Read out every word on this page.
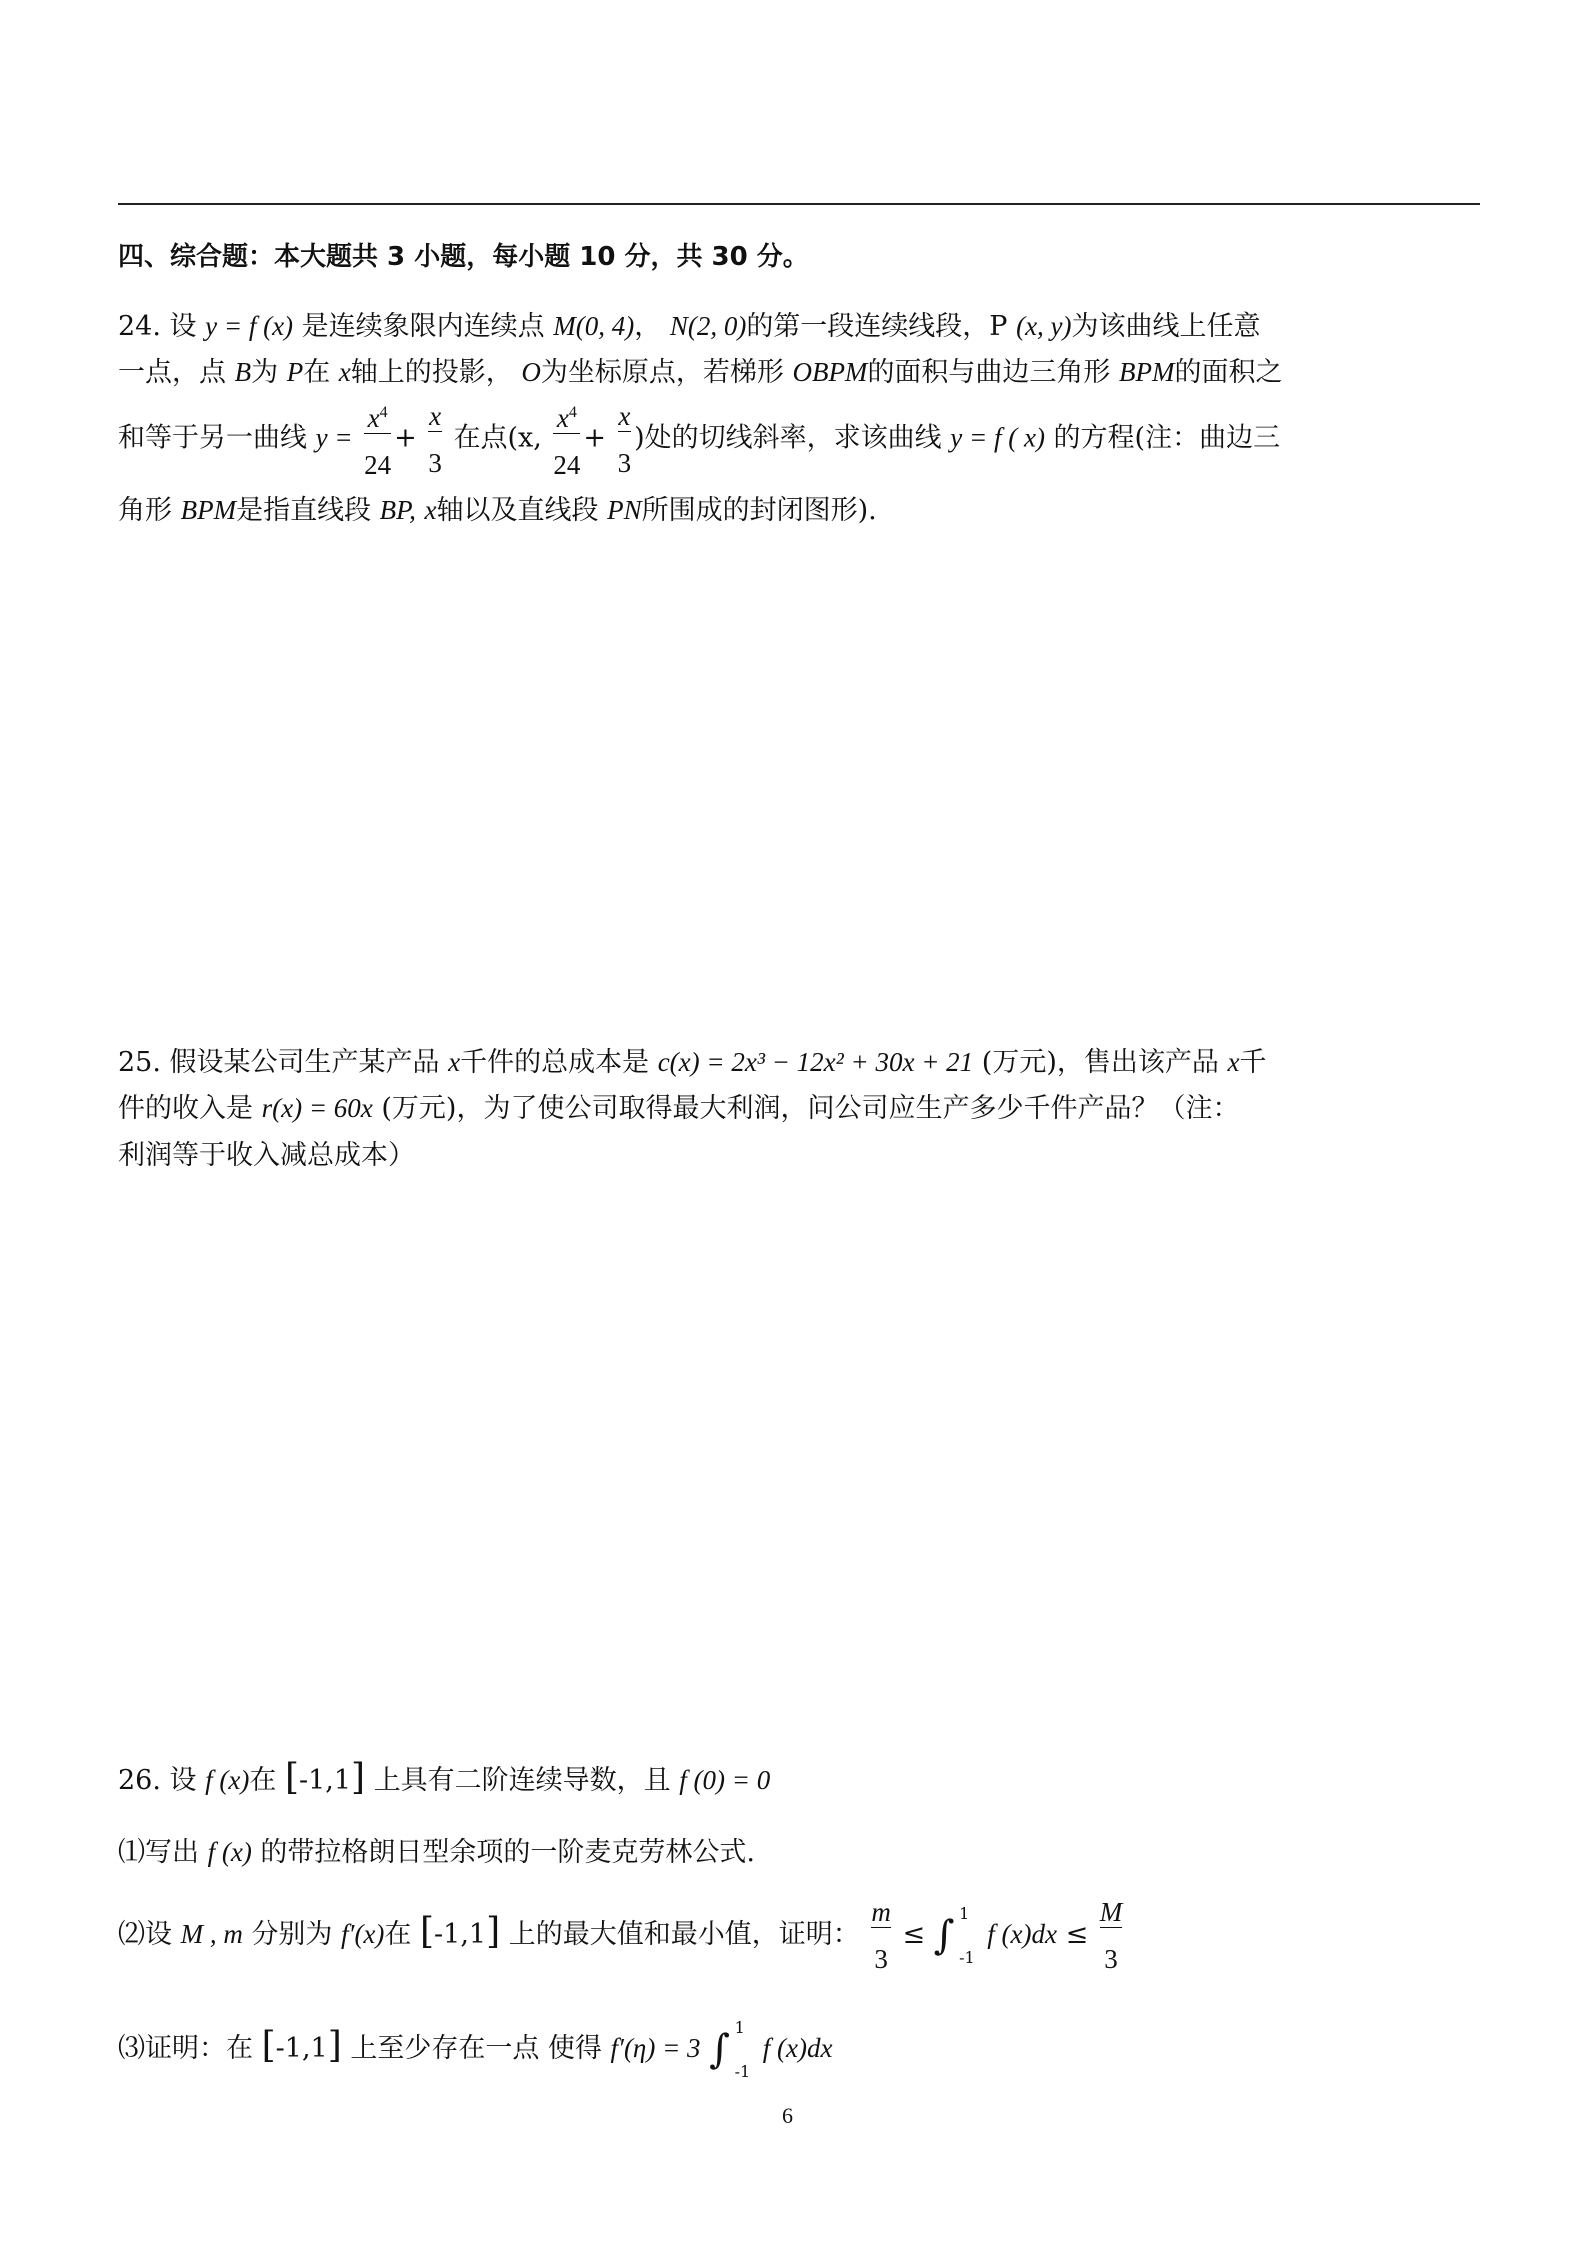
四、综合题：本大题共 3 小题，每小题 10 分，共 30 分。
24. 设 y = f (x) 是连续象限内连续点 M(0, 4)， N(2, 0)的第一段连续线段，P (x, y)为该曲线上任意
一点，点 B为 P在 x轴上的投影， O为坐标原点，若梯形 OBPM的面积与曲边三角形 BPM的面积之
和等于另一曲线 $y = \frac{x^4}{24} + \frac{x}{3}$ 在点(x, $\frac{x^4}{24} + \frac{x}{3}$ )处的切线斜率，求该曲线 y = f ( x) 的方程(注：曲边三
角形 BPM是指直线段 BP, x轴以及直线段 PN所围成的封闭图形).
25. 假设某公司生产某产品 x千件的总成本是 c(x) = 2x³ − 12x² + 30x + 21 (万元)，售出该产品 x千
件的收入是 r(x) = 60x (万元)，为了使公司取得最大利润，问公司应生产多少千件产品？（注：
利润等于收入减总成本）
26. 设 f (x)在 [-1,1] 上具有二阶连续导数，且 f (0) = 0
⑴写出 f (x) 的带拉格朗日型余项的一阶麦克劳林公式.
⑵设 M , m 分别为 f′(x)在 [-1,1] 上的最大值和最小值，证明： $\frac{m}{3}$ ≤ ∫ 1
-1
f $(x)dx \le \frac{M}{3}$
⑶证明：在 [-1,1] 上至少存在一点 使得 f′(η) = 3 ∫ 1
-1
f (x)dx
6
